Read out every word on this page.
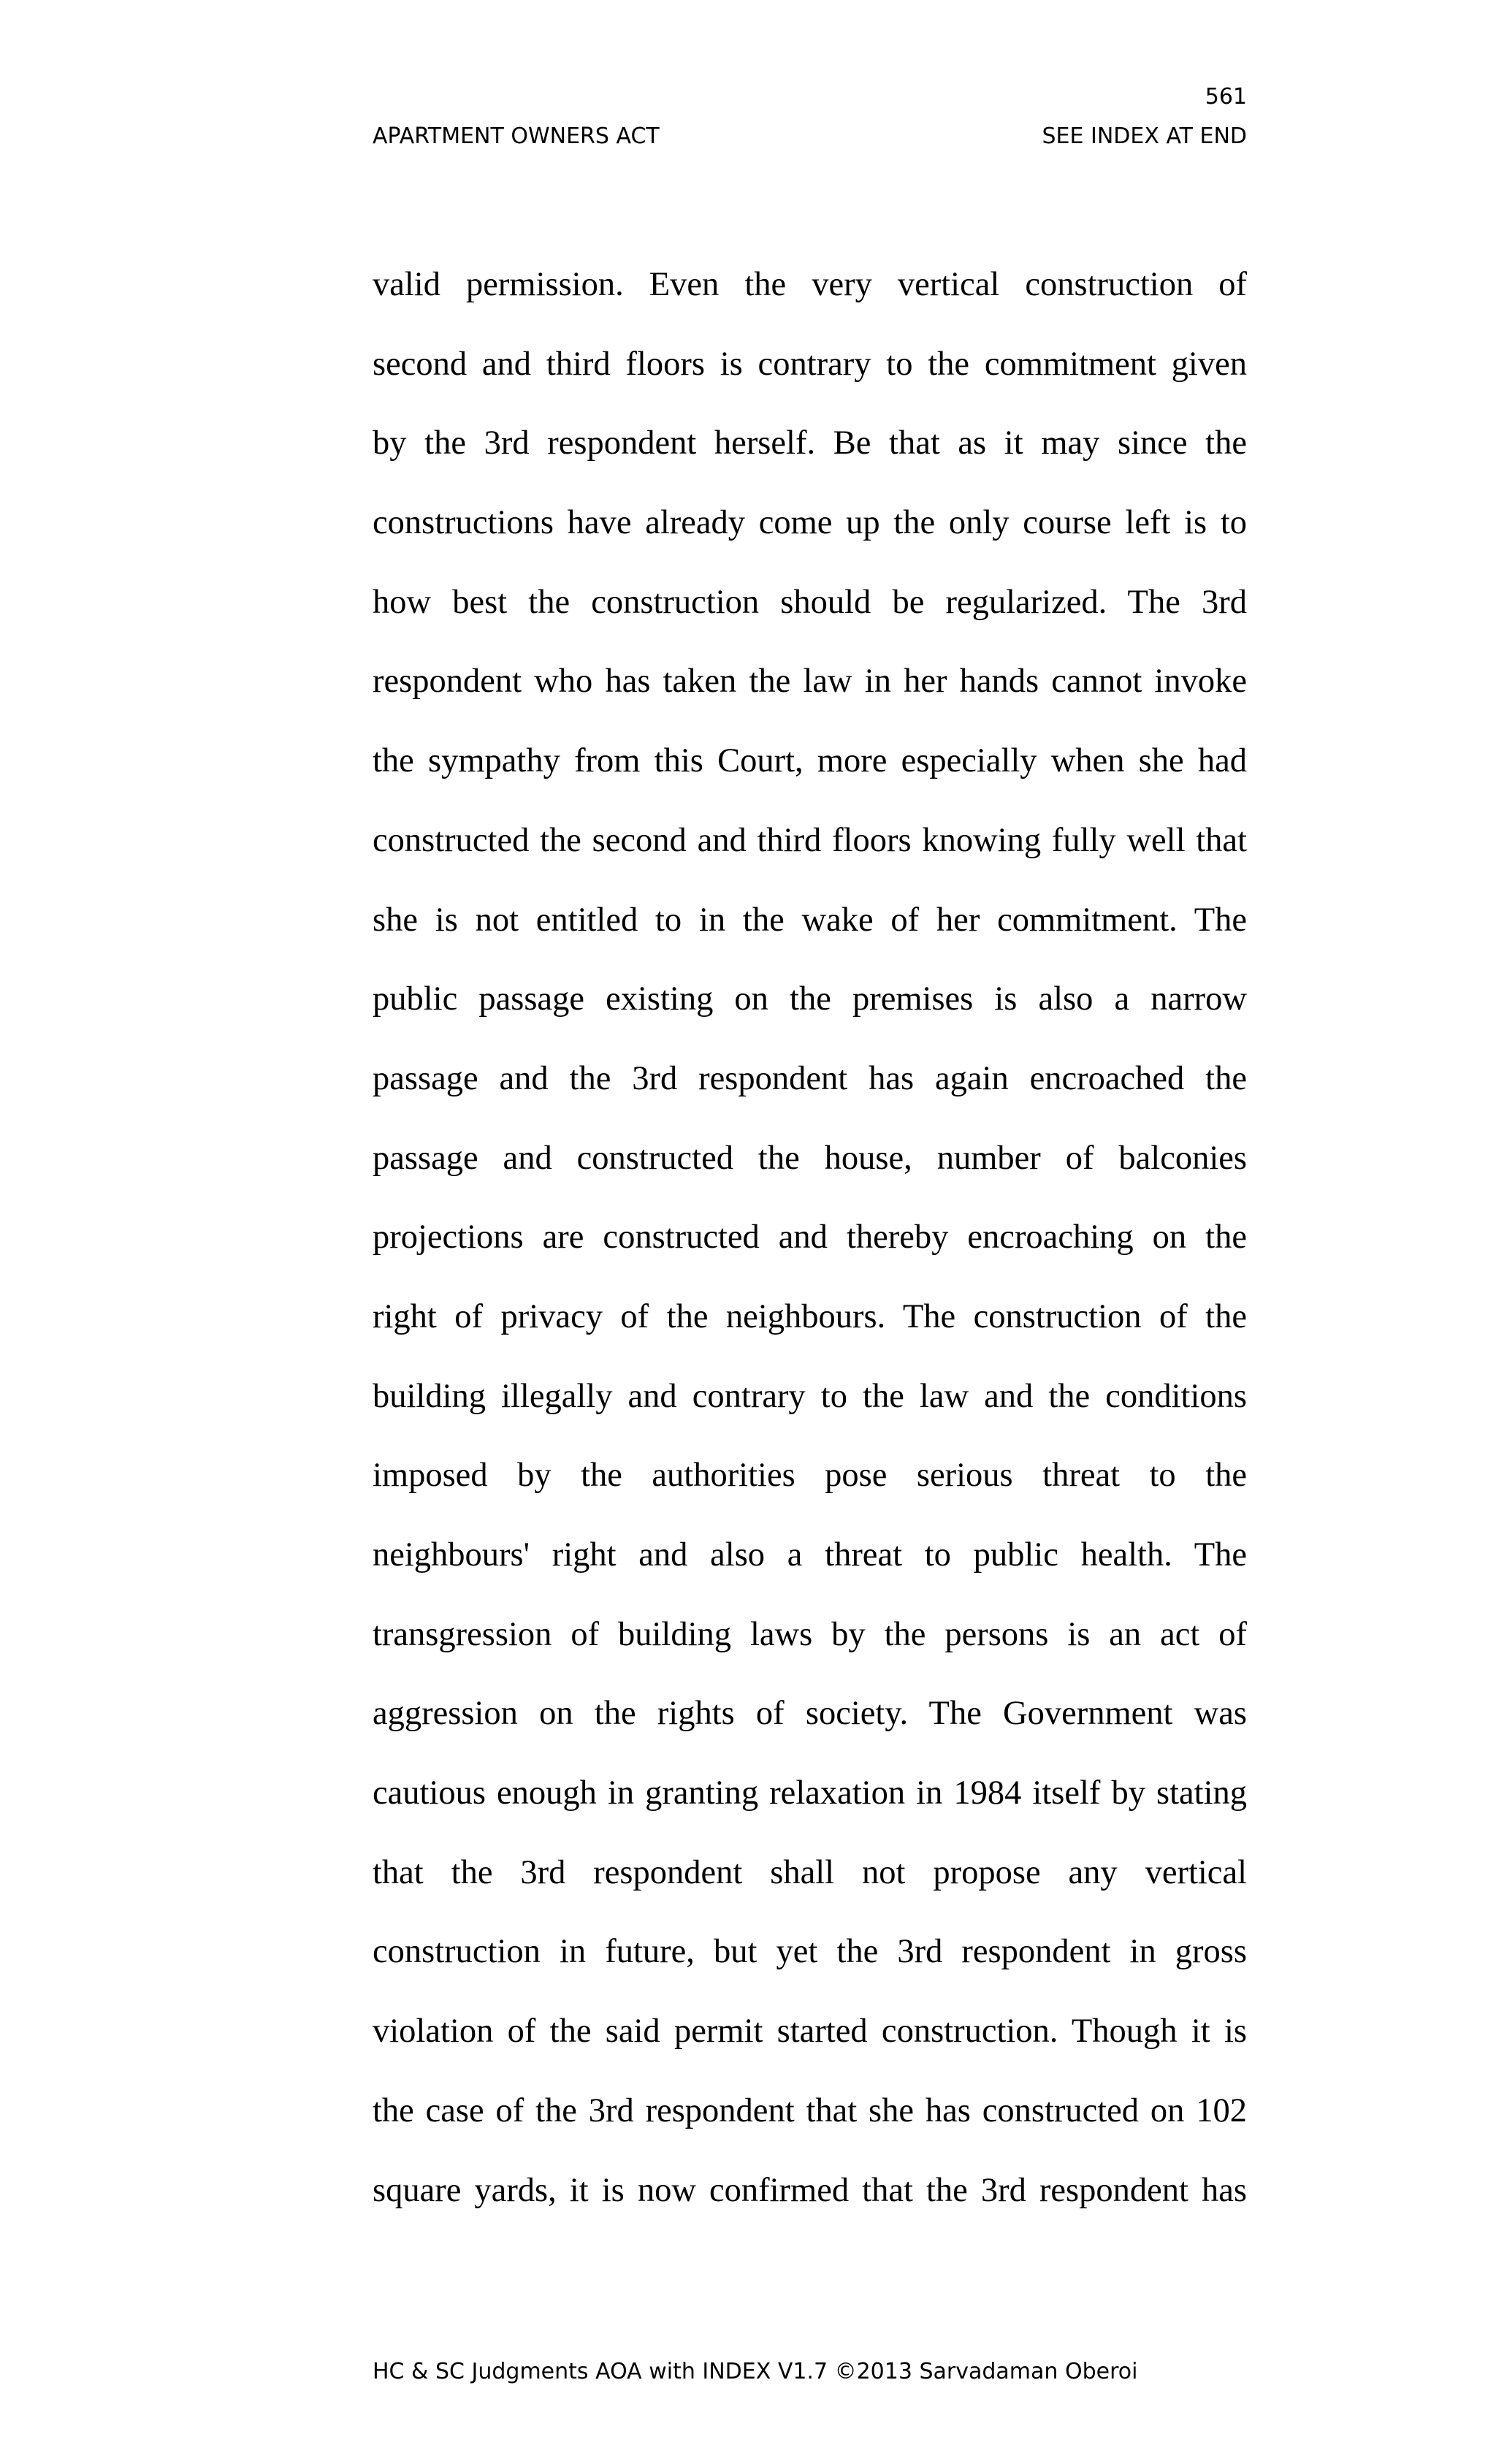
561
APARTMENT OWNERS ACT	SEE INDEX AT END
valid permission. Even the very vertical construction of
second and third floors is contrary to the commitment given
by the 3rd respondent herself. Be that as it may since the
constructions have already come up the only course left is to
how best the construction should be regularized. The 3rd
respondent who has taken the law in her hands cannot invoke
the sympathy from this Court, more especially when she had
constructed the second and third floors knowing fully well that
she is not entitled to in the wake of her commitment. The
public passage existing on the premises is also a narrow
passage and the 3rd respondent has again encroached the
passage and constructed the house, number of balconies
projections are constructed and thereby encroaching on the
right of privacy of the neighbours. The construction of the
building illegally and contrary to the law and the conditions
imposed by the authorities pose serious threat to the
neighbours' right and also a threat to public health. The
transgression of building laws by the persons is an act of
aggression on the rights of society. The Government was
cautious enough in granting relaxation in 1984 itself by stating
that the 3rd respondent shall not propose any vertical
construction in future, but yet the 3rd respondent in gross
violation of the said permit started construction. Though it is
the case of the 3rd respondent that she has constructed on 102
square yards, it is now confirmed that the 3rd respondent has
HC & SC Judgments AOA with INDEX V1.7 ©2013 Sarvadaman Oberoi
